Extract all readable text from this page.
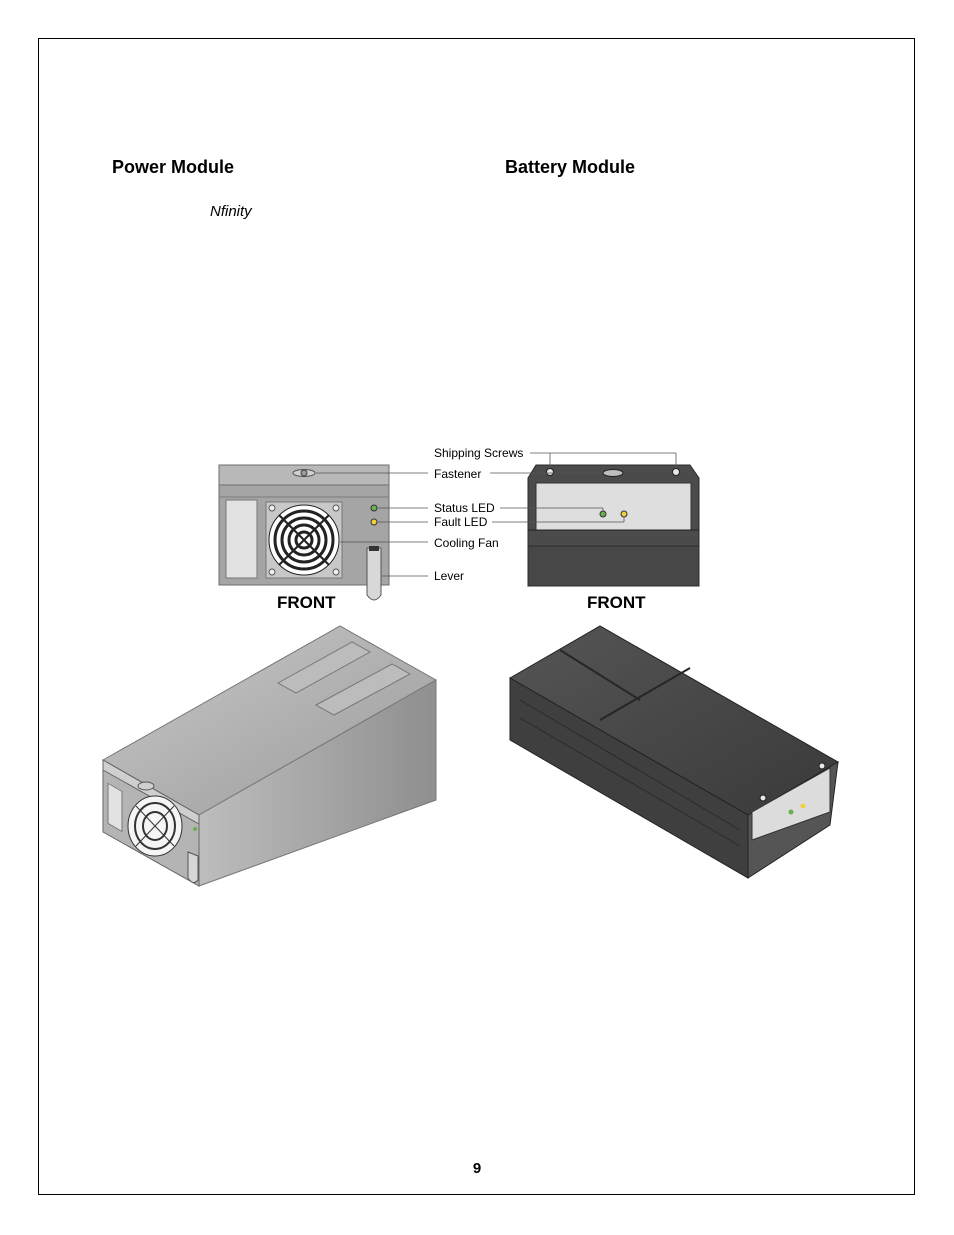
Power Module	Battery Module
Nfinity
Fastener
Status LED
Fault LED
Cooling Fan
Lever
Shipping Screws
FRONT	FRONT
9
